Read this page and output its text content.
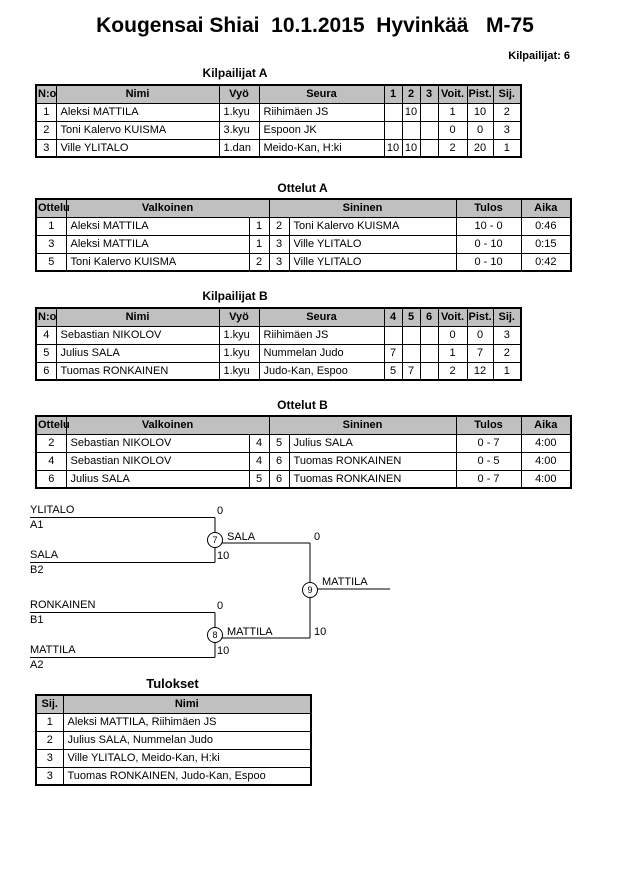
Kougensai Shiai  10.1.2015  Hyvinkää   M-75
Kilpailijat: 6
Kilpailijat A
N:o	Nimi	Vyö	Seura	1	2	3	Voit.	Pist.	Sij.
1	Aleksi MATTILA	1.kyu	Riihimäen JS		10		1	10	2
2	Toni Kalervo KUISMA	3.kyu	Espoon JK				0	0	3
3	Ville YLITALO	1.dan	Meido-Kan, H:ki	10	10		2	20	1
Ottelut A
Ottelu	Valkoinen		Sininen		Tulos	Aika
1	Aleksi MATTILA	1	2	Toni Kalervo KUISMA	10 - 0	0:46
3	Aleksi MATTILA	1	3	Ville YLITALO	0 - 10	0:15
5	Toni Kalervo KUISMA	2	3	Ville YLITALO	0 - 10	0:42
Kilpailijat B
N:o	Nimi	Vyö	Seura	4	5	6	Voit.	Pist.	Sij.
4	Sebastian NIKOLOV	1.kyu	Riihimäen JS				0	0	3
5	Julius SALA	1.kyu	Nummelan Judo	7			1	7	2
6	Tuomas RONKAINEN	1.kyu	Judo-Kan, Espoo	5	7		2	12	1
Ottelut B
Ottelu	Valkoinen		Sininen		Tulos	Aika
2	Sebastian NIKOLOV	4	5	Julius SALA	0 - 7	4:00
4	Sebastian NIKOLOV	4	6	Tuomas RONKAINEN	0 - 5	4:00
6	Julius SALA	5	6	Tuomas RONKAINEN	0 - 7	4:00
YLITALO
A1
0
SALA
B2
10
7 SALA	0
RONKAINEN
B1
0
MATTILA
A2
10
8 MATTILA	10
9
MATTILA
Tulokset
Sij.	Nimi
1	Aleksi MATTILA, Riihimäen JS
2	Julius SALA, Nummelan Judo
3	Ville YLITALO, Meido-Kan, H:ki
3	Tuomas RONKAINEN, Judo-Kan, Espoo
